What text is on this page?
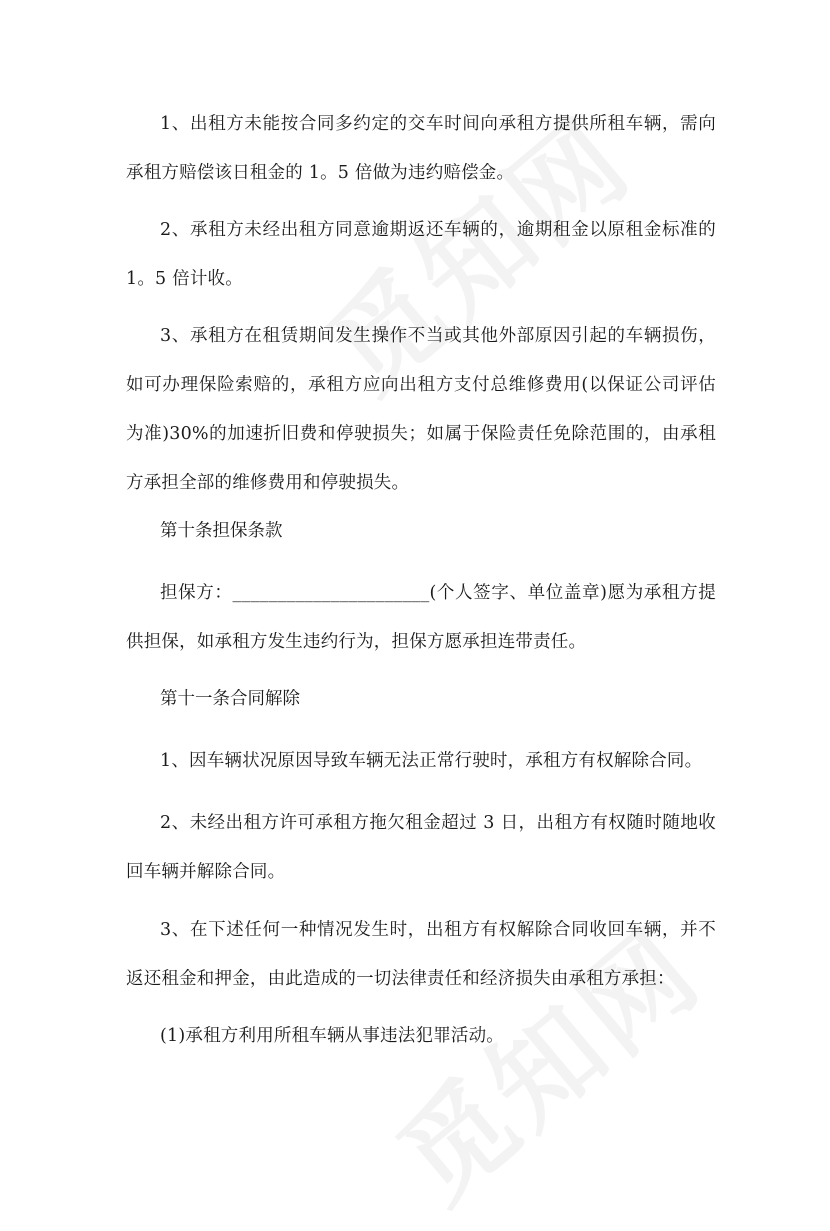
1、出租方未能按合同多约定的交车时间向承租方提供所租车辆，需向承租方赔偿该日租金的 1。5 倍做为违约赔偿金。

2、承租方未经出租方同意逾期返还车辆的，逾期租金以原租金标准的 1。5 倍计收。

3、承租方在租赁期间发生操作不当或其他外部原因引起的车辆损伤，如可办理保险索赔的，承租方应向出租方支付总维修费用(以保证公司评估为准)30%的加速折旧费和停驶损失；如属于保险责任免除范围的，由承租方承担全部的维修费用和停驶损失。

第十条担保条款

担保方：______________________(个人签字、单位盖章)愿为承租方提供担保，如承租方发生违约行为，担保方愿承担连带责任。

第十一条合同解除

1、因车辆状况原因导致车辆无法正常行驶时，承租方有权解除合同。

2、未经出租方许可承租方拖欠租金超过 3 日，出租方有权随时随地收回车辆并解除合同。

3、在下述任何一种情况发生时，出租方有权解除合同收回车辆，并不返还租金和押金，由此造成的一切法律责任和经济损失由承租方承担：

(1)承租方利用所租车辆从事违法犯罪活动。
